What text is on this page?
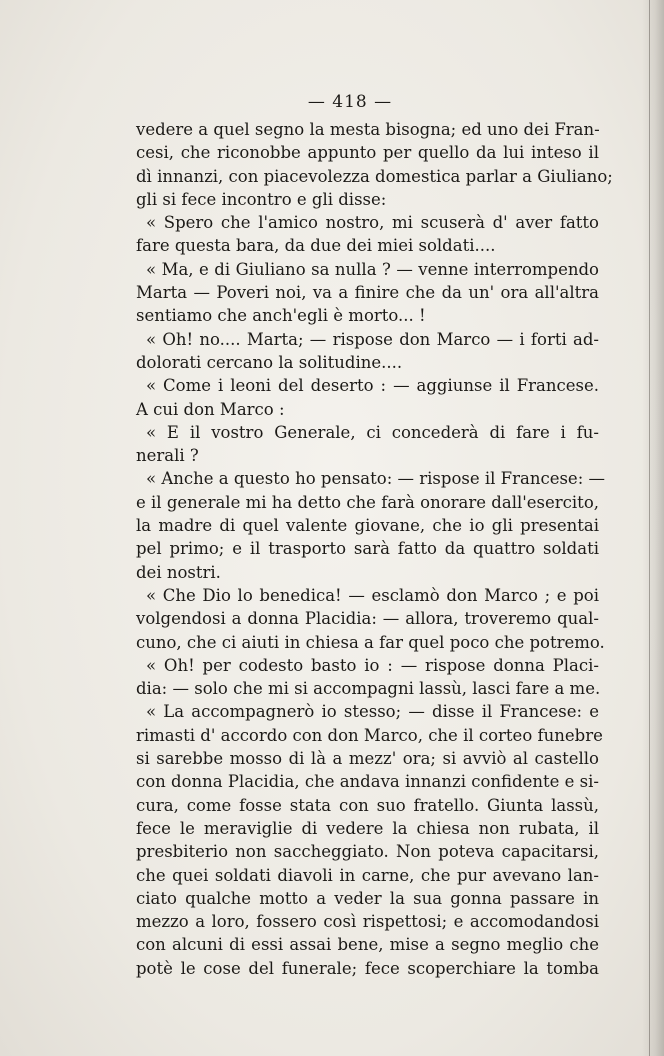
— 418 —
vedere a quel segno la mesta bisogna; ed uno dei Fran-
cesi, che riconobbe appunto per quello da lui inteso il
dì innanzi, con piacevolezza domestica parlar a Giuliano;
gli si fece incontro e gli disse:
« Spero che l'amico nostro, mi scuserà d' aver fatto
fare questa bara, da due dei miei soldati....
« Ma, e di Giuliano sa nulla ? — venne interrompendo
Marta — Poveri noi, va a finire che da un' ora all'altra
sentiamo che anch'egli è morto... !
« Oh! no.... Marta; — rispose don Marco — i forti ad-
dolorati cercano la solitudine....
« Come i leoni del deserto : — aggiunse il Francese.
A cui don Marco :
« E il vostro Generale, ci concederà di fare i fu-
nerali ?
« Anche a questo ho pensato: — rispose il Francese: —
e il generale mi ha detto che farà onorare dall'esercito,
la madre di quel valente giovane, che io gli presentai
pel primo; e il trasporto sarà fatto da quattro soldati
dei nostri.
« Che Dio lo benedica! — esclamò don Marco ; e poi
volgendosi a donna Placidia: — allora, troveremo qual-
cuno, che ci aiuti in chiesa a far quel poco che potremo.
« Oh! per codesto basto io : — rispose donna Placi-
dia: — solo che mi si accompagni lassù, lasci fare a me.
« La accompagnerò io stesso; — disse il Francese: e
rimasti d' accordo con don Marco, che il corteo funebre
si sarebbe mosso di là a mezz' ora; si avviò al castello
con donna Placidia, che andava innanzi confidente e si-
cura, come fosse stata con suo fratello. Giunta lassù,
fece le meraviglie di vedere la chiesa non rubata, il
presbiterio non saccheggiato. Non poteva capacitarsi,
che quei soldati diavoli in carne, che pur avevano lan-
ciato qualche motto a veder la sua gonna passare in
mezzo a loro, fossero così rispettosi; e accomodandosi
con alcuni di essi assai bene, mise a segno meglio che
potè le cose del funerale; fece scoperchiare la tomba
